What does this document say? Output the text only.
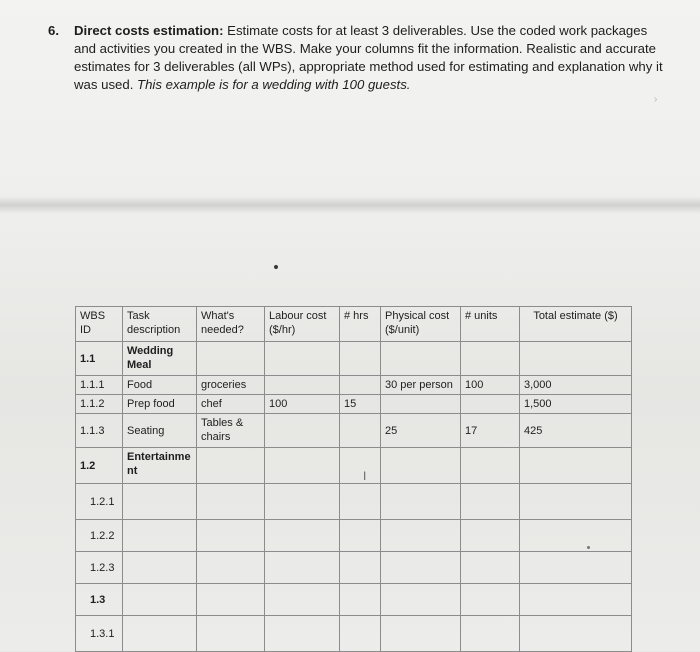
6. Direct costs estimation: Estimate costs for at least 3 deliverables. Use the coded work packages and activities you created in the WBS. Make your columns fit the information. Realistic and accurate estimates for 3 deliverables (all WPs), appropriate method used for estimating and explanation why it was used. This example is for a wedding with 100 guests.
›
WBS ID	Task description	What's needed?	Labour cost ($/hr)	# hrs	Physical cost ($/unit)	# units	Total estimate ($)
1.1	Wedding Meal						
1.1.1	Food	groceries			30 per person	100	3,000
1.1.2	Prep food	chef	100	15			1,500
1.1.3	Seating	Tables & chairs			25	17	425
1.2	Entertainment						
1.2.1							
1.2.2							
1.2.3							
1.3							
1.3.1							
I
